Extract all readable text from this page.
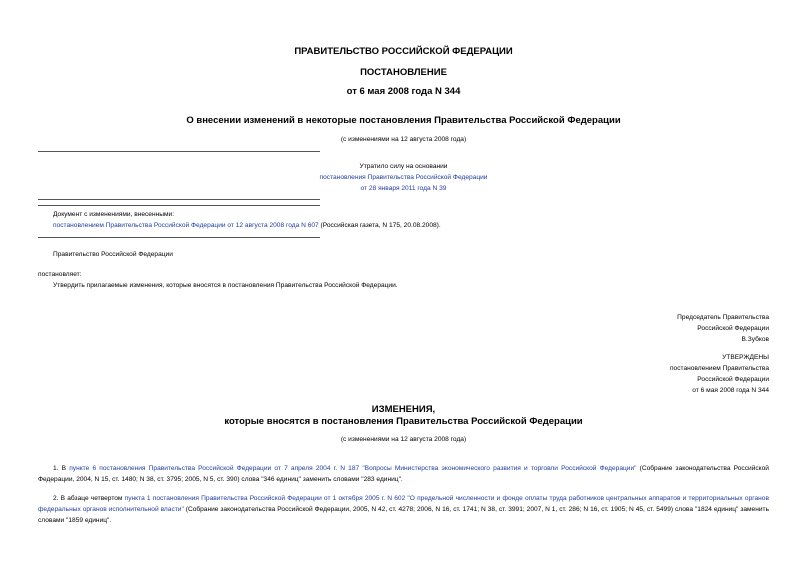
ПРАВИТЕЛЬСТВО РОССИЙСКОЙ ФЕДЕРАЦИИ
ПОСТАНОВЛЕНИЕ
от 6 мая 2008 года N 344
О внесении изменений в некоторые постановления Правительства Российской Федерации
(с изменениями на 12 августа 2008 года)
Утратило силу на основании
постановления Правительства Российской Федерации
от 28 января 2011 года N 39
Документ с изменениями, внесенными:
постановлением Правительства Российской Федерации от 12 августа 2008 года N 607 (Российская газета, N 175, 20.08.2008).
Правительство Российской Федерации
постановляет:
Утвердить прилагаемые изменения, которые вносятся в постановления Правительства Российской Федерации.
Председатель Правительства
Российской Федерации
В.Зубков
УТВЕРЖДЕНЫ
постановлением Правительства
Российской Федерации
от 6 мая 2008 года N 344
ИЗМЕНЕНИЯ,
которые вносятся в постановления Правительства Российской Федерации
(с изменениями на 12 августа 2008 года)
1. В пункте 6 постановления Правительства Российской Федерации от 7 апреля 2004 г. N 187 "Вопросы Министерства экономического развития и торговли Российской Федерации" (Собрание законодательства Российской Федерации, 2004, N 15, ст. 1480; N 38, ст. 3795; 2005, N 5, ст. 390) слова "346 единиц" заменить словами "283 единиц".
2. В абзаце четвертом пункта 1 постановления Правительства Российской Федерации от 1 октября 2005 г. N 602 "О предельной численности и фонде оплаты труда работников центральных аппаратов и территориальных органов федеральных органов исполнительной власти" (Собрание законодательства Российской Федерации, 2005, N 42, ст. 4278; 2006, N 16, ст. 1741; N 38, ст. 3991; 2007, N 1, ст. 286; N 16, ст. 1905; N 45, ст. 5499) слова "1824 единиц" заменить словами "1859 единиц".
